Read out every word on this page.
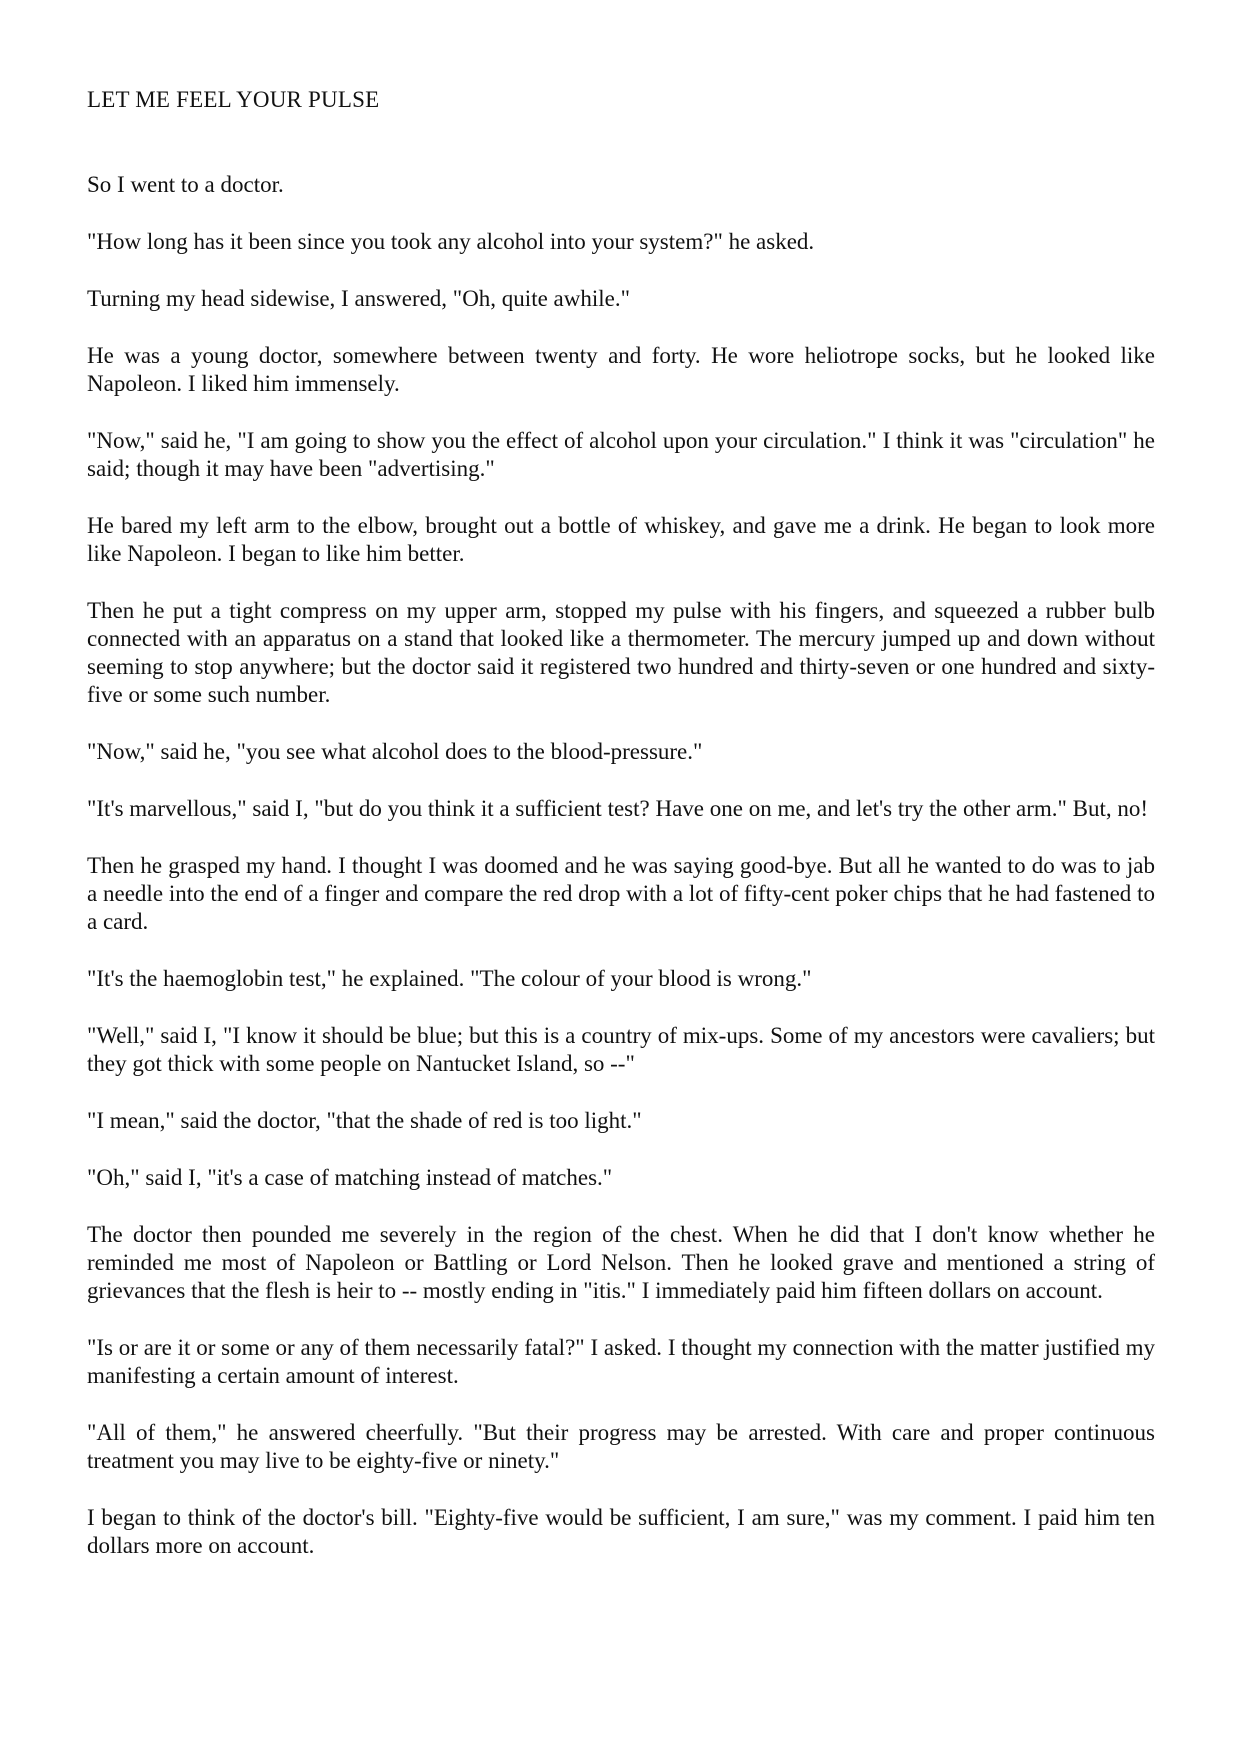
LET ME FEEL YOUR PULSE

So I went to a doctor.

"How long has it been since you took any alcohol into your system?" he asked.

Turning my head sidewise, I answered, "Oh, quite awhile."

He was a young doctor, somewhere between twenty and forty. He wore heliotrope socks, but he looked like Napoleon. I liked him immensely.

"Now," said he, "I am going to show you the effect of alcohol upon your circulation." I think it was "circulation" he said; though it may have been "advertising."

He bared my left arm to the elbow, brought out a bottle of whiskey, and gave me a drink. He began to look more like Napoleon. I began to like him better.

Then he put a tight compress on my upper arm, stopped my pulse with his fingers, and squeezed a rubber bulb connected with an apparatus on a stand that looked like a thermometer. The mercury jumped up and down without seeming to stop anywhere; but the doctor said it registered two hundred and thirty-seven or one hundred and sixty-five or some such number.

"Now," said he, "you see what alcohol does to the blood-pressure."

"It's marvellous," said I, "but do you think it a sufficient test? Have one on me, and let's try the other arm." But, no!

Then he grasped my hand. I thought I was doomed and he was saying good-bye. But all he wanted to do was to jab a needle into the end of a finger and compare the red drop with a lot of fifty-cent poker chips that he had fastened to a card.

"It's the haemoglobin test," he explained. "The colour of your blood is wrong."

"Well," said I, "I know it should be blue; but this is a country of mix-ups. Some of my ancestors were cavaliers; but they got thick with some people on Nantucket Island, so --"

"I mean," said the doctor, "that the shade of red is too light."

"Oh," said I, "it's a case of matching instead of matches."

The doctor then pounded me severely in the region of the chest. When he did that I don't know whether he reminded me most of Napoleon or Battling or Lord Nelson. Then he looked grave and mentioned a string of grievances that the flesh is heir to -- mostly ending in "itis." I immediately paid him fifteen dollars on account.

"Is or are it or some or any of them necessarily fatal?" I asked. I thought my connection with the matter justified my manifesting a certain amount of interest.

"All of them," he answered cheerfully. "But their progress may be arrested. With care and proper continuous treatment you may live to be eighty-five or ninety."

I began to think of the doctor's bill. "Eighty-five would be sufficient, I am sure," was my comment. I paid him ten dollars more on account.
